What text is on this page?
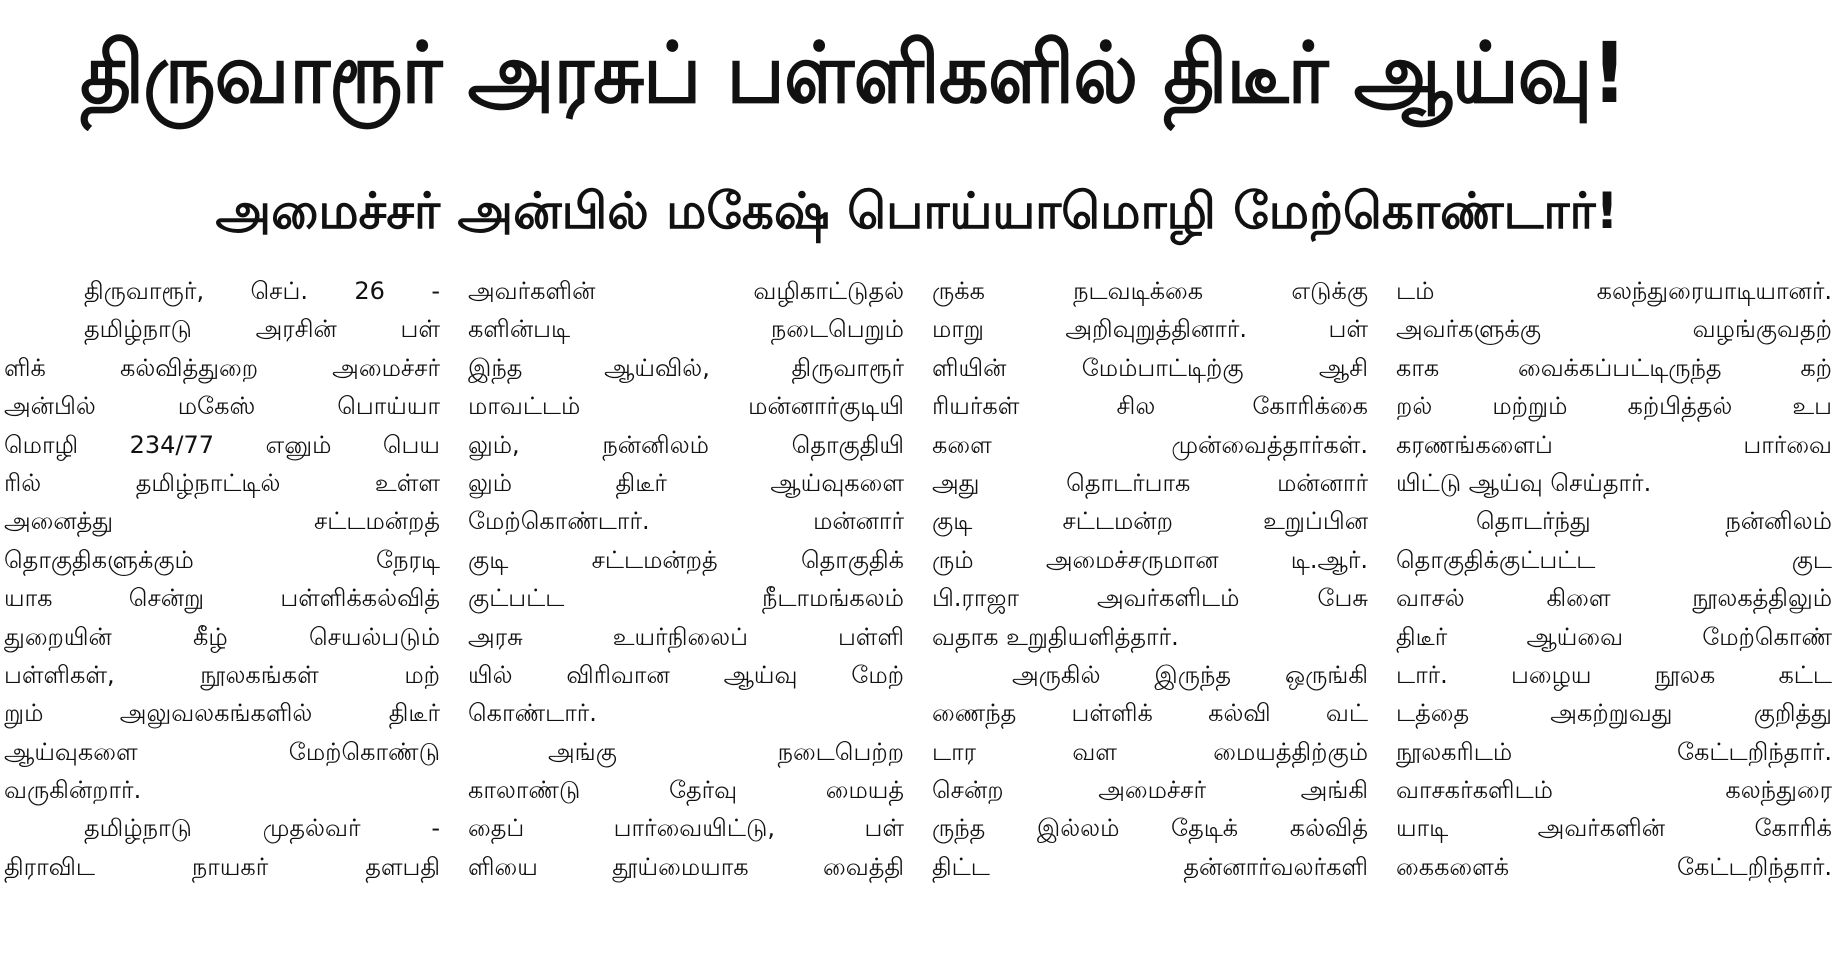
திருவாரூர் அரசுப் பள்ளிகளில் திடீர் ஆய்வு!
அமைச்சர் அன்பில் மகேஷ் பொய்யாமொழி மேற்கொண்டார்!
திருவாரூர், செப். 26 -
தமிழ்நாடு அரசின் பள்
ளிக் கல்வித்துறை அமைச்சர்
அன்பில் மகேஸ் பொய்யா
மொழி 234/77 எனும் பெய
ரில் தமிழ்நாட்டில் உள்ள
அனைத்து சட்டமன்றத்
தொகுதிகளுக்கும் நேரடி
யாக சென்று பள்ளிக்கல்வித்
துறையின் கீழ் செயல்படும்
பள்ளிகள், நூலகங்கள் மற்
றும் அலுவலகங்களில் திடீர்
ஆய்வுகளை மேற்கொண்டு
வருகின்றார்.
தமிழ்நாடு முதல்வர் -
திராவிட நாயகர் தளபதி
அவர்களின் வழிகாட்டுதல்
களின்படி நடைபெறும்
இந்த ஆய்வில், திருவாரூர்
மாவட்டம் மன்னார்குடியி
லும், நன்னிலம் தொகுதியி
லும் திடீர் ஆய்வுகளை
மேற்கொண்டார். மன்னார்
குடி சட்டமன்றத் தொகுதிக்
குட்பட்ட நீடாமங்கலம்
அரசு உயர்நிலைப் பள்ளி
யில் விரிவான ஆய்வு மேற்
கொண்டார்.
அங்கு நடைபெற்ற
காலாண்டு தேர்வு மையத்
தைப் பார்வையிட்டு, பள்
ளியை தூய்மையாக வைத்தி
ருக்க நடவடிக்கை எடுக்கு
மாறு அறிவுறுத்தினார். பள்
ளியின் மேம்பாட்டிற்கு ஆசி
ரியர்கள் சில கோரிக்கை
களை முன்வைத்தார்கள்.
அது தொடர்பாக மன்னார்
குடி சட்டமன்ற உறுப்பின
ரும் அமைச்சருமான டி.ஆர்.
பி.ராஜா அவர்களிடம் பேசு
வதாக உறுதியளித்தார்.
அருகில் இருந்த ஒருங்கி
ணைந்த பள்ளிக் கல்வி வட்
டார வள மையத்திற்கும்
சென்ற அமைச்சர் அங்கி
ருந்த இல்லம் தேடிக் கல்வித்
திட்ட தன்னார்வலர்களி
டம் கலந்துரையாடியானர்.
அவர்களுக்கு வழங்குவதற்
காக வைக்கப்பட்டிருந்த கற்
றல் மற்றும் கற்பித்தல் உப
கரணங்களைப் பார்வை
யிட்டு ஆய்வு செய்தார்.
தொடர்ந்து நன்னிலம்
தொகுதிக்குட்பட்ட குட
வாசல் கிளை நூலகத்திலும்
திடீர் ஆய்வை மேற்கொண்
டார். பழைய நூலக கட்ட
டத்தை அகற்றுவது குறித்து
நூலகரிடம் கேட்டறிந்தார்.
வாசகர்களிடம் கலந்துரை
யாடி அவர்களின் கோரிக்
கைகளைக் கேட்டறிந்தார்.
